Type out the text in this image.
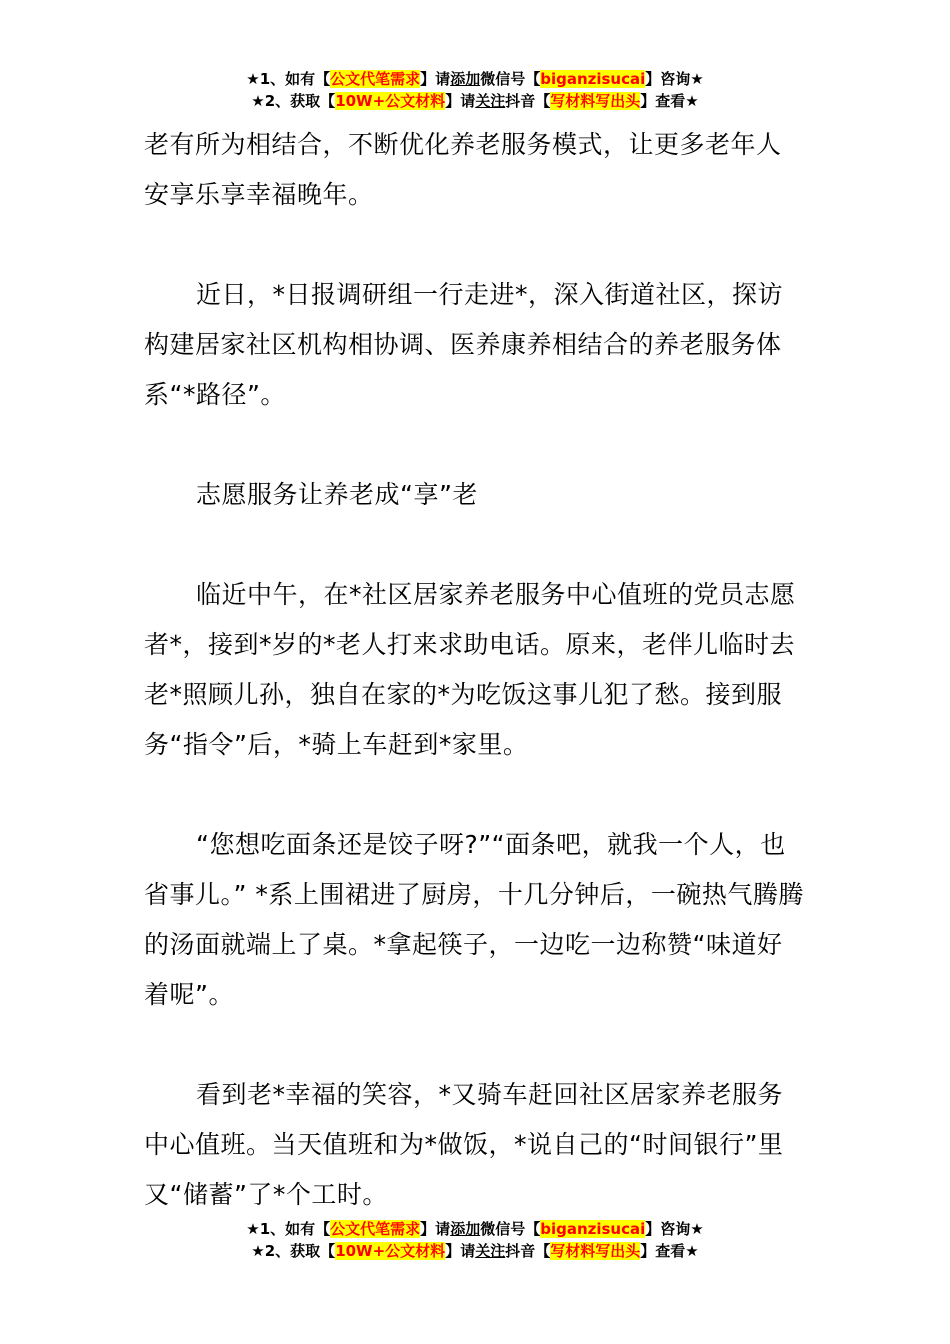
★1、如有【公文代笔需求】请添加微信号【biganzisucai】咨询★
★2、获取【10W+公文材料】请关注抖音【写材料写出头】查看★

老有所为相结合，不断优化养老服务模式，让更多老年人安享乐享幸福晚年。

近日，*日报调研组一行走进*，深入街道社区，探访构建居家社区机构相协调、医养康养相结合的养老服务体系“*路径”。

志愿服务让养老成“享”老

临近中午，在*社区居家养老服务中心值班的党员志愿者*，接到*岁的*老人打来求助电话。原来，老伴儿临时去老*照顾儿孙，独自在家的*为吃饭这事儿犯了愁。接到服务“指令”后，*骑上车赶到*家里。

“您想吃面条还是饺子呀?”“面条吧，就我一个人，也省事儿。” *系上围裙进了厨房，十几分钟后，一碗热气腾腾的汤面就端上了桌。*拿起筷子，一边吃一边称赞“味道好着呢”。

看到老*幸福的笑容，*又骑车赶回社区居家养老服务中心值班。当天值班和为*做饭，*说自己的“时间银行”里又“储蓄”了*个工时。

★1、如有【公文代笔需求】请添加微信号【biganzisucai】咨询★
★2、获取【10W+公文材料】请关注抖音【写材料写出头】查看★
